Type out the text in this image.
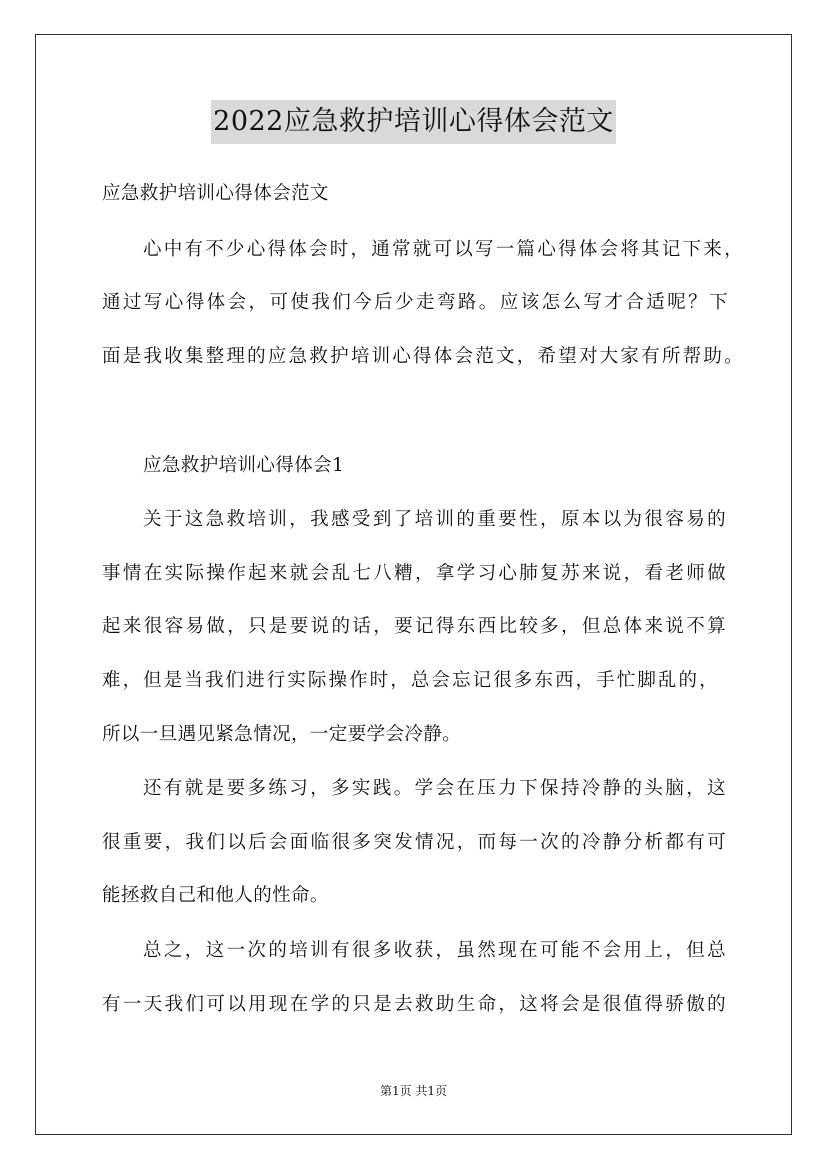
2022应急救护培训心得体会范文
应急救护培训心得体会范文
心中有不少心得体会时，通常就可以写一篇心得体会将其记下来，
通过写心得体会，可使我们今后少走弯路。应该怎么写才合适呢？下
面是我收集整理的应急救护培训心得体会范文，希望对大家有所帮助。
应急救护培训心得体会1
关于这急救培训，我感受到了培训的重要性，原本以为很容易的
事情在实际操作起来就会乱七八糟，拿学习心肺复苏来说，看老师做
起来很容易做，只是要说的话，要记得东西比较多，但总体来说不算
难，但是当我们进行实际操作时，总会忘记很多东西，手忙脚乱的，
所以一旦遇见紧急情况，一定要学会冷静。
还有就是要多练习，多实践。学会在压力下保持冷静的头脑，这
很重要，我们以后会面临很多突发情况，而每一次的冷静分析都有可
能拯救自己和他人的性命。
总之，这一次的培训有很多收获，虽然现在可能不会用上，但总
有一天我们可以用现在学的只是去救助生命，这将会是很值得骄傲的
第1页 共1页
